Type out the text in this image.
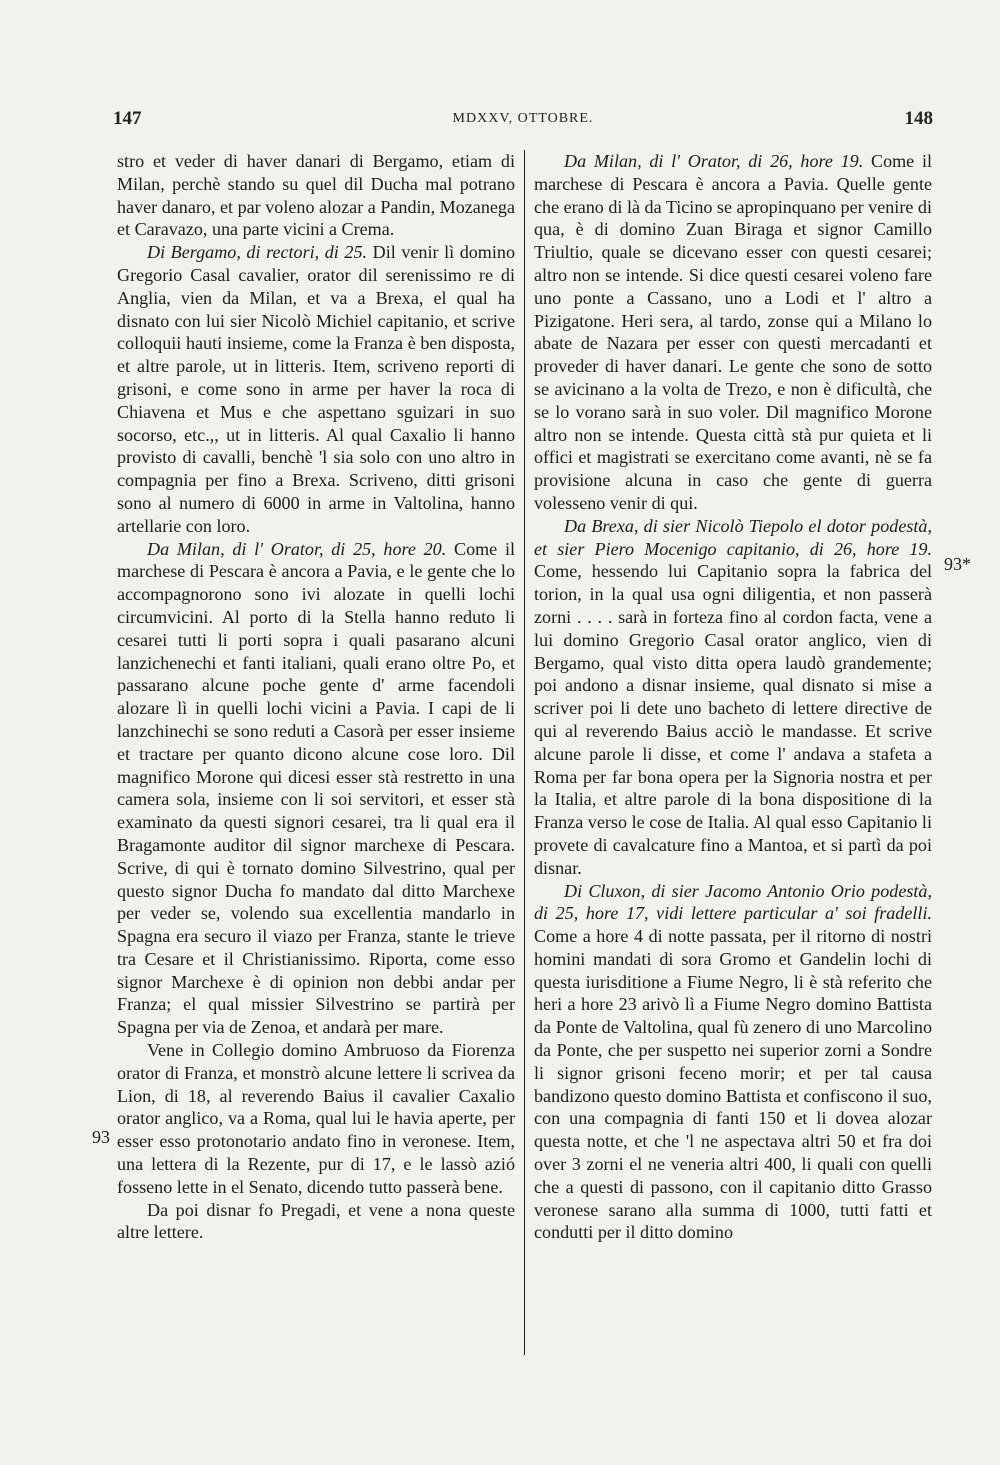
147	MDXXV, OTTOBRE.	148

stro et veder di haver danari di Bergamo, etiam di Milan, perchè stando su quel dil Ducha mal potrano haver danaro, et par voleno alozar a Pandin, Mozanega et Caravazo, una parte vicini a Crema.

Di Bergamo, di rectori, di 25. Dil venir lì domino Gregorio Casal cavalier, orator dil serenissimo re di Anglia, vien da Milan, et va a Brexa, el qual ha disnato con lui sier Nicolò Michiel capitanio, et scrive colloquii hauti insieme, come la Franza è ben disposta, et altre parole, ut in litteris. Item, scriveno reporti di grisoni, e come sono in arme per haver la roca di Chiavena et Mus e che aspettano sguizari in suo socorso, etc.,, ut in litteris. Al qual Caxalio li hanno provisto di cavalli, benchè 'l sia solo con uno altro in compagnia per fino a Brexa. Scriveno, ditti grisoni sono al numero di 6000 in arme in Valtolina, hanno artellarie con loro.

Da Milan, di l' Orator, di 25, hore 20. Come il marchese di Pescara è ancora a Pavia, e le gente che lo accompagnorono sono ivi alozate in quelli lochi circumvicini. Al porto di la Stella hanno reduto li cesarei tutti li porti sopra i quali pasarano alcuni lanzichenechi et fanti italiani, quali erano oltre Po, et passarano alcune poche gente d' arme facendoli alozare lì in quelli lochi vicini a Pavia. I capi de li lanzchinechi se sono reduti a Casorà per esser insieme et tractare per quanto dicono alcune cose loro. Dil magnifico Morone qui dicesi esser stà restretto in una camera sola, insieme con li soi servitori, et esser stà examinato da questi signori cesarei, tra li qual era il Bragamonte auditor dil signor marchexe di Pescara. Scrive, di qui è tornato domino Silvestrino, qual per questo signor Ducha fo mandato dal ditto Marchexe per veder se, volendo sua excellentia mandarlo in Spagna era securo il viazo per Franza, stante le trieve tra Cesare et il Christianissimo. Riporta, come esso signor Marchexe è di opinion non debbi andar per Franza; el qual missier Silvestrino se partirà per Spagna per via de Zenoa, et andarà per mare.

Vene in Collegio domino Ambruoso da Fiorenza orator di Franza, et monstrò alcune lettere li scrivea da Lion, di 18, al reverendo Baius il cavalier Caxalio orator anglico, va a Roma, qual lui le havia aperte, per esser esso protonotario andato fino in veronese. Item, una lettera di la Rezente, pur di 17, e le lassò azió fosseno lette in el Senato, dicendo tutto passerà bene.

Da poi disnar fo Pregadi, et vene a nona queste altre lettere.

Da Milan, di l' Orator, di 26, hore 19. Come il marchese di Pescara è ancora a Pavia. Quelle gente che erano di là da Ticino se apropinquano per venire di qua, è di domino Zuan Biraga et signor Camillo Triultio, quale se dicevano esser con questi cesarei; altro non se intende. Si dice questi cesarei voleno fare uno ponte a Cassano, uno a Lodi et l' altro a Pizigatone. Heri sera, al tardo, zonse qui a Milano lo abate de Nazara per esser con questi mercadanti et proveder di haver danari. Le gente che sono de sotto se avicinano a la volta de Trezo, e non è dificultà, che se lo vorano sarà in suo voler. Dil magnifico Morone altro non se intende. Questa città stà pur quieta et li offici et magistrati se exercitano come avanti, nè se fa provisione alcuna in caso che gente di guerra volesseno venir di qui.

Da Brexa, di sier Nicolò Tiepolo el dotor podestà, et sier Piero Mocenigo capitanio, di 26, hore 19. Come, hessendo lui Capitanio sopra la fabrica del torion, in la qual usa ogni diligentia, et non passerà zorni . . . . sarà in forteza fino al cordon facta, vene a lui domino Gregorio Casal orator anglico, vien di Bergamo, qual visto ditta opera laudò grandemente; poi andono a disnar insieme, qual disnato si mise a scriver poi li dete uno bacheto di lettere directive de qui al reverendo Baius acciò le mandasse. Et scrive alcune parole li disse, et come l' andava a stafeta a Roma per far bona opera per la Signoria nostra et per la Italia, et altre parole di la bona dispositione di la Franza verso le cose de Italia. Al qual esso Capitanio li provete di cavalcature fino a Mantoa, et si partì da poi disnar.

Di Cluxon, di sier Jacomo Antonio Orio podestà, di 25, hore 17, vidi lettere particular a' soi fradelli. Come a hore 4 di notte passata, per il ritorno di nostri homini mandati di sora Gromo et Gandelin lochi di questa iurisditione a Fiume Negro, li è stà referito che heri a hore 23 arivò lì a Fiume Negro domino Battista da Ponte de Valtolina, qual fù zenero di uno Marcolino da Ponte, che per suspetto nei superior zorni a Sondre li signor grisoni feceno morir; et per tal causa bandizono questo domino Battista et confiscono il suo, con una compagnia di fanti 150 et li dovea alozar questa notte, et che 'l ne aspectava altri 50 et fra doi over 3 zorni el ne veneria altri 400, li quali con quelli che a questi di passono, con il capitanio ditto Grasso veronese sarano alla summa di 1000, tutti fatti et condutti per il ditto domino

93
93*
